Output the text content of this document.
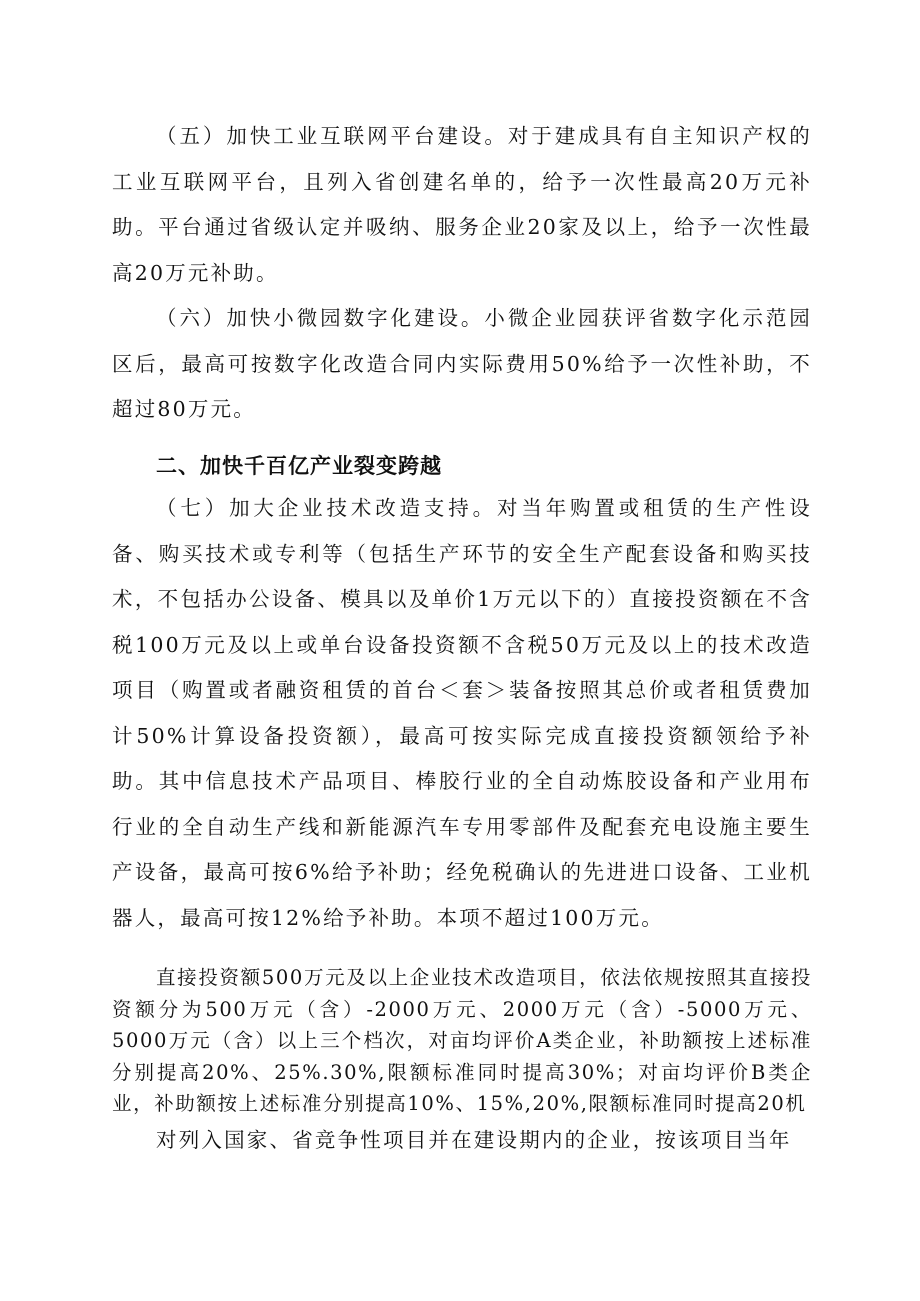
（五）加快工业互联网平台建设。对于建成具有自主知识产权的工业互联网平台，且列入省创建名单的，给予一次性最高20万元补助。平台通过省级认定并吸纳、服务企业20家及以上，给予一次性最高20万元补助。

（六）加快小微园数字化建设。小微企业园获评省数字化示范园区后，最高可按数字化改造合同内实际费用50%给予一次性补助，不超过80万元。

二、加快千百亿产业裂变跨越

（七）加大企业技术改造支持。对当年购置或租赁的生产性设备、购买技术或专利等（包括生产环节的安全生产配套设备和购买技术，不包括办公设备、模具以及单价1万元以下的）直接投资额在不含税100万元及以上或单台设备投资额不含税50万元及以上的技术改造项目（购置或者融资租赁的首台＜套＞装备按照其总价或者租赁费加计50%计算设备投资额），最高可按实际完成直接投资额领给予补助。其中信息技术产品项目、棒胶行业的全自动炼胶设备和产业用布行业的全自动生产线和新能源汽车专用零部件及配套充电设施主要生产设备，最高可按6%给予补助；经免税确认的先进进口设备、工业机器人，最高可按12%给予补助。本项不超过100万元。

直接投资额500万元及以上企业技术改造项目，依法依规按照其直接投资额分为500万元（含）-2000万元、2000万元（含）-5000万元、5000万元（含）以上三个档次，对亩均评价A类企业，补助额按上述标准分别提高20%、25%.30%,限额标准同时提高30%；对亩均评价B类企业，补助额按上述标准分别提高10%、15%,20%,限额标准同时提高20机

对列入国家、省竞争性项目并在建设期内的企业，按该项目当年
